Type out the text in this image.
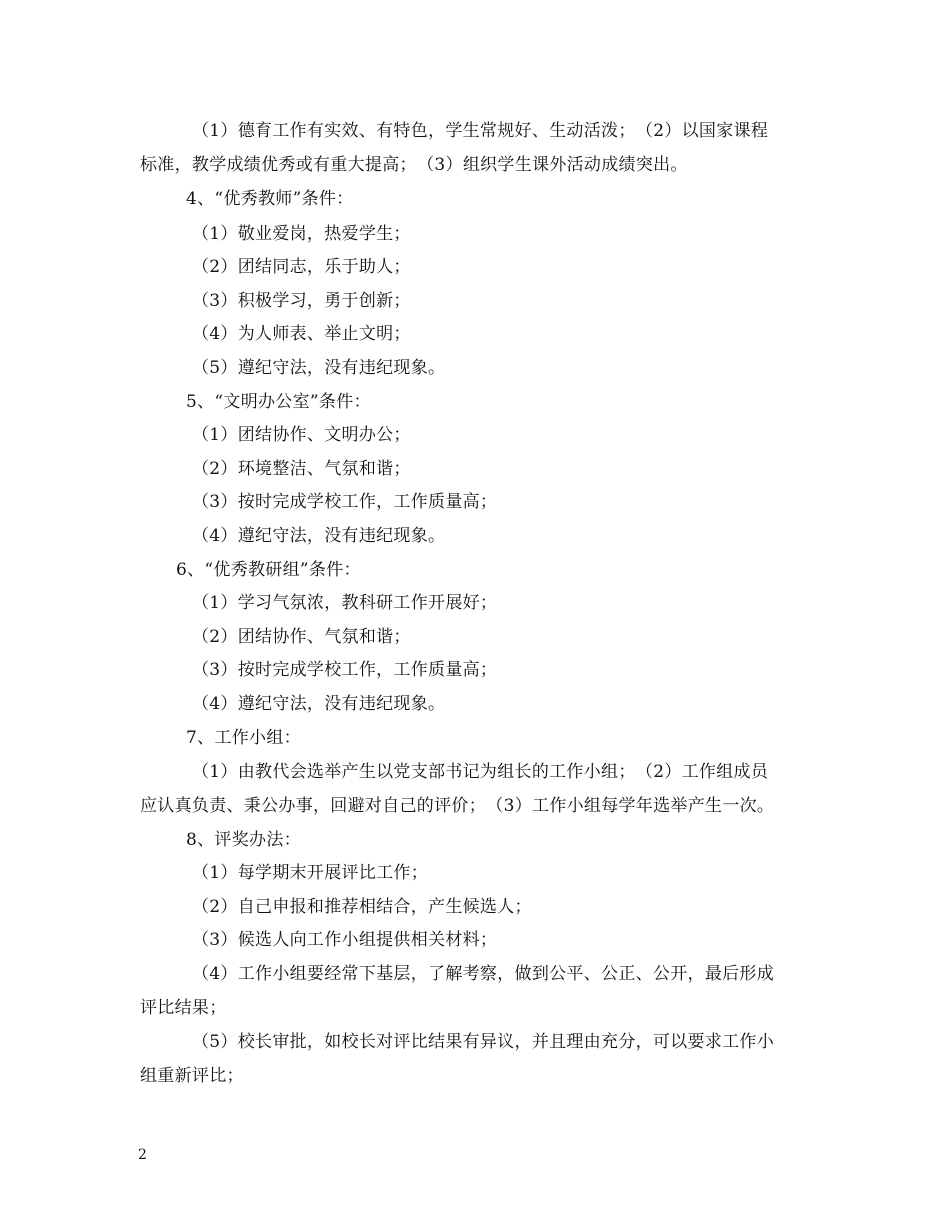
（1）德育工作有实效、有特色，学生常规好、生动活泼；　（2）以国家课程
标准，教学成绩优秀或有重大提高；　（3）组织学生课外活动成绩突出。
4、“优秀教师”条件：
（1）敬业爱岗，热爱学生；
（2）团结同志，乐于助人；
（3）积极学习，勇于创新；
（4）为人师表、举止文明；
（5）遵纪守法，没有违纪现象。
5、“文明办公室”条件：
（1）团结协作、文明办公；
（2）环境整洁、气氛和谐；
（3）按时完成学校工作，工作质量高；
（4）遵纪守法，没有违纪现象。
6、“优秀教研组”条件：
（1）学习气氛浓，教科研工作开展好；
（2）团结协作、气氛和谐；
（3）按时完成学校工作，工作质量高；
（4）遵纪守法，没有违纪现象。
7、工作小组：
（1）由教代会选举产生以党支部书记为组长的工作小组；　（2）工作组成员
应认真负责、秉公办事，回避对自己的评价；　（3）工作小组每学年选举产生一次。
8、评奖办法：
（1）每学期末开展评比工作；
（2）自己申报和推荐相结合，产生候选人；
（3）候选人向工作小组提供相关材料；
（4）工作小组要经常下基层，了解考察，做到公平、公正、公开，最后形成
评比结果；
（5）校长审批，如校长对评比结果有异议，并且理由充分，可以要求工作小
组重新评比；
2
